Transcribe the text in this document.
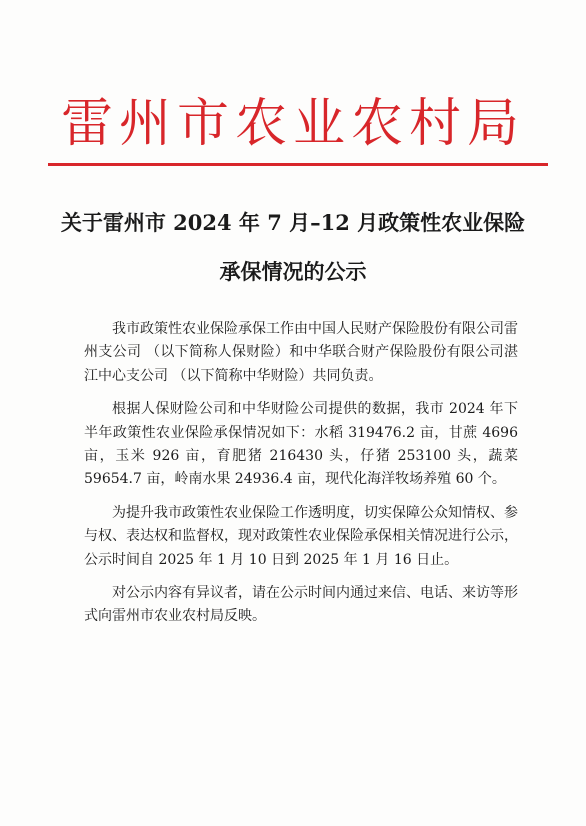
雷州市农业农村局
关于雷州市 2024 年 7 月–12 月政策性农业保险
承保情况的公示

我市政策性农业保险承保工作由中国人民财产保险股份有限公司雷州支公司 （以下简称人保财险）和中华联合财产保险股份有限公司湛江中心支公司 （以下简称中华财险）共同负责。

根据人保财险公司和中华财险公司提供的数据，我市 2024 年下半年政策性农业保险承保情况如下：水稻 319476.2 亩，甘蔗 4696 亩，玉米 926 亩，育肥猪 216430 头，仔猪 253100 头，蔬菜 59654.7 亩，岭南水果 24936.4 亩，现代化海洋牧场养殖 60 个。

为提升我市政策性农业保险工作透明度，切实保障公众知情权、参与权、表达权和监督权，现对政策性农业保险承保相关情况进行公示，公示时间自 2025 年 1 月 10 日到 2025 年 1 月 16 日止。

对公示内容有异议者，请在公示时间内通过来信、电话、来访等形式向雷州市农业农村局反映。
